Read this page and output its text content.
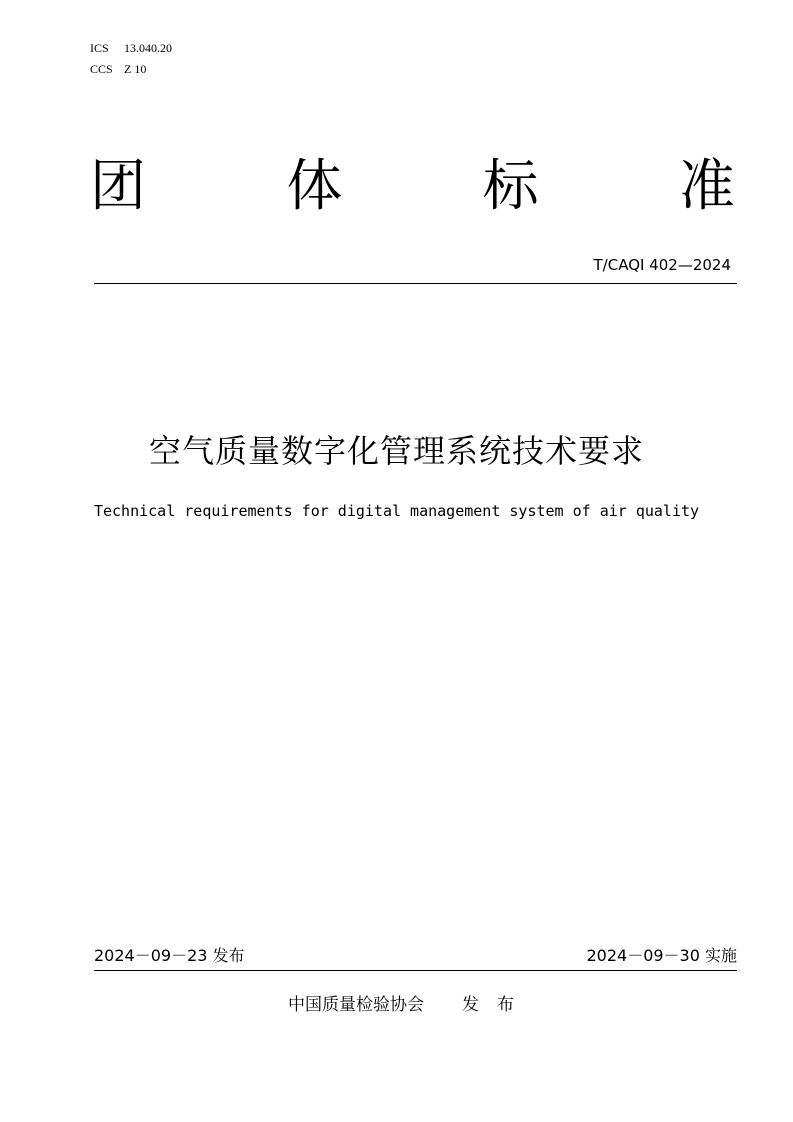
ICS 13.040.20
CCS Z 10
团	体	标	准
T/CAQI 402—2024
空气质量数字化管理系统技术要求
Technical requirements for digital management system of air quality
2024－09－23 发布	2024－09－30 实施
中国质量检验协会 发布
